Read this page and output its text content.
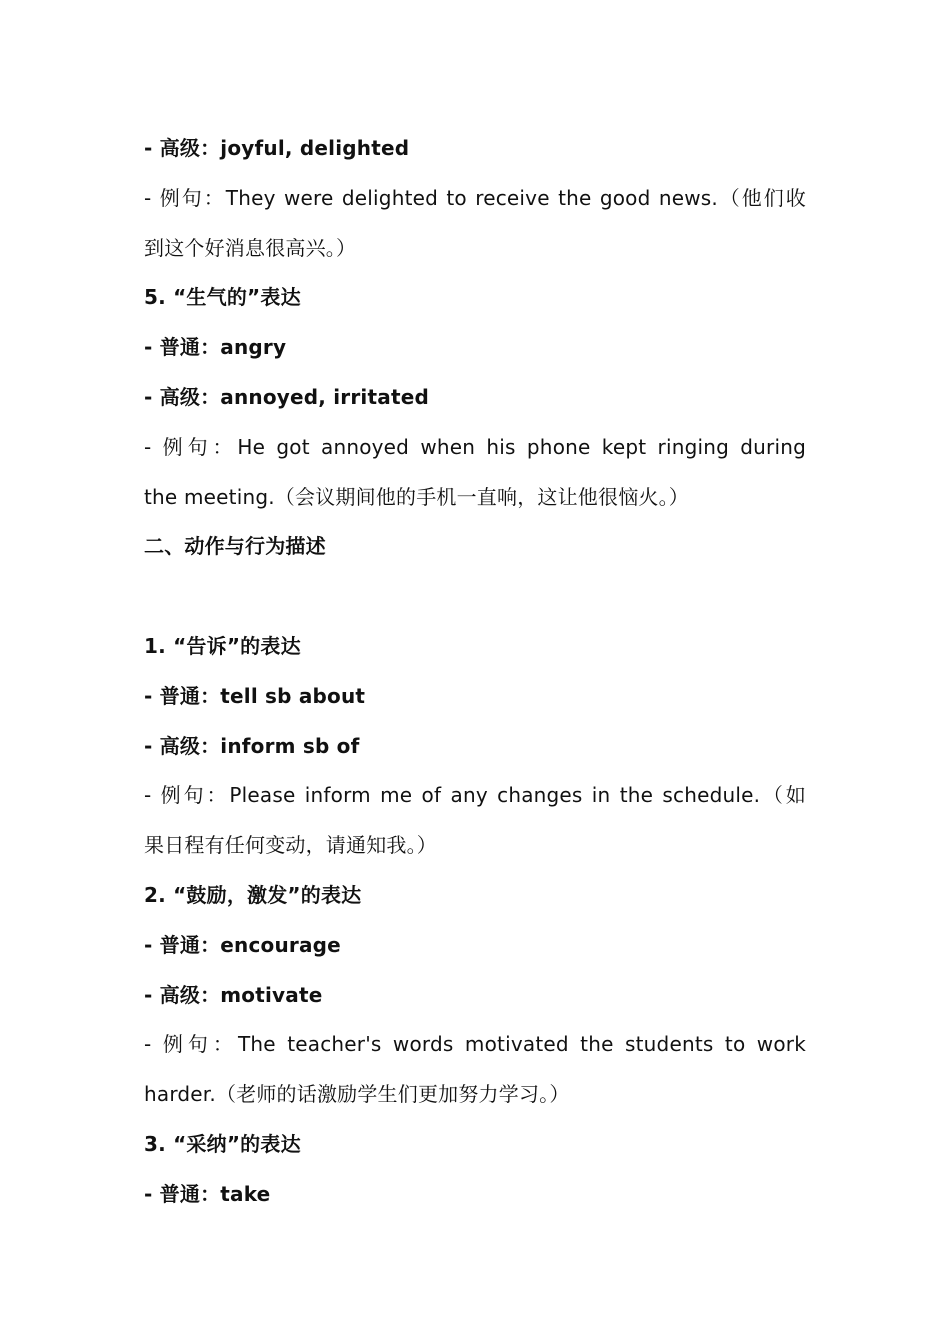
- 高级：joyful, delighted
- 例句：They were delighted to receive the good news.（他们收
到这个好消息很高兴。）
5. “生气的”表达
- 普通：angry
- 高级：annoyed, irritated
- 例句：He got annoyed when his phone kept ringing during
the meeting.（会议期间他的手机一直响，这让他很恼火。）
二、动作与行为描述
1. “告诉”的表达
- 普通：tell sb about
- 高级：inform sb of
- 例句：Please inform me of any changes in the schedule.（如
果日程有任何变动，请通知我。）
2. “鼓励，激发”的表达
- 普通：encourage
- 高级：motivate
- 例句：The teacher's words motivated the students to work
harder.（老师的话激励学生们更加努力学习。）
3. “采纳”的表达
- 普通：take
